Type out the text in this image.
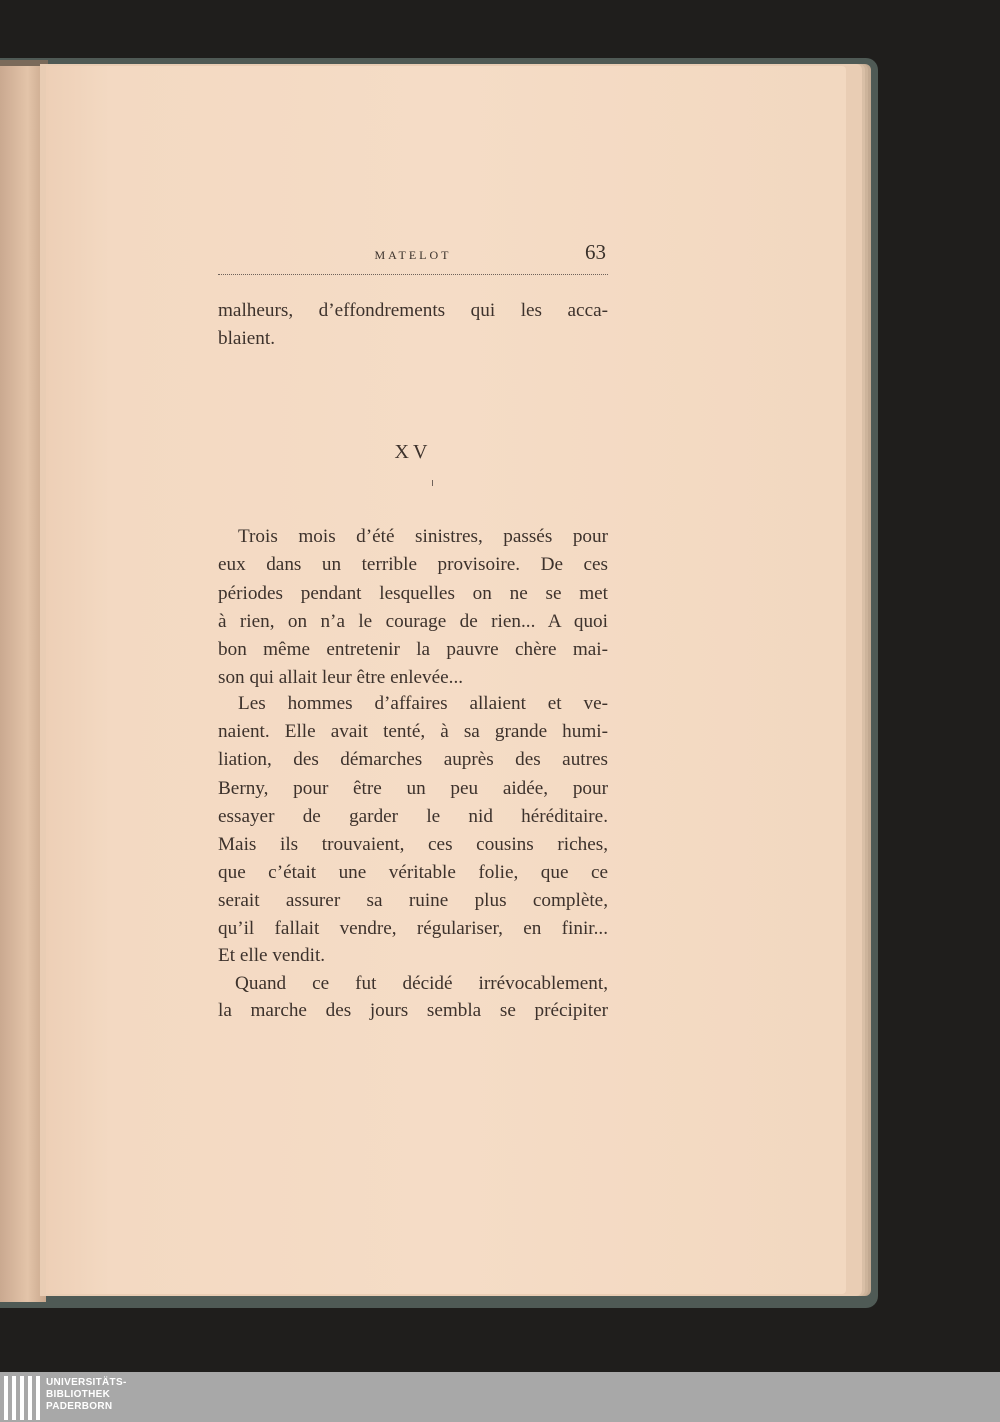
MATELOT	63
malheurs, d’effondrements qui les acca-
blaient.
XV
Trois mois d’été sinistres, passés pour
eux dans un terrible provisoire. De ces
périodes pendant lesquelles on ne se met
à rien, on n’a le courage de rien... A quoi
bon même entretenir la pauvre chère mai-
son qui allait leur être enlevée...
Les hommes d’affaires allaient et ve-
naient. Elle avait tenté, à sa grande humi-
liation, des démarches auprès des autres
Berny, pour être un peu aidée, pour
essayer de garder le nid héréditaire.
Mais ils trouvaient, ces cousins riches,
que c’était une véritable folie, que ce
serait assurer sa ruine plus complète,
qu’il fallait vendre, régulariser, en finir...
Et elle vendit.
Quand ce fut décidé irrévocablement,
la marche des jours sembla se précipiter
UNIVERSITÄTS-
BIBLIOTHEK
PADERBORN
